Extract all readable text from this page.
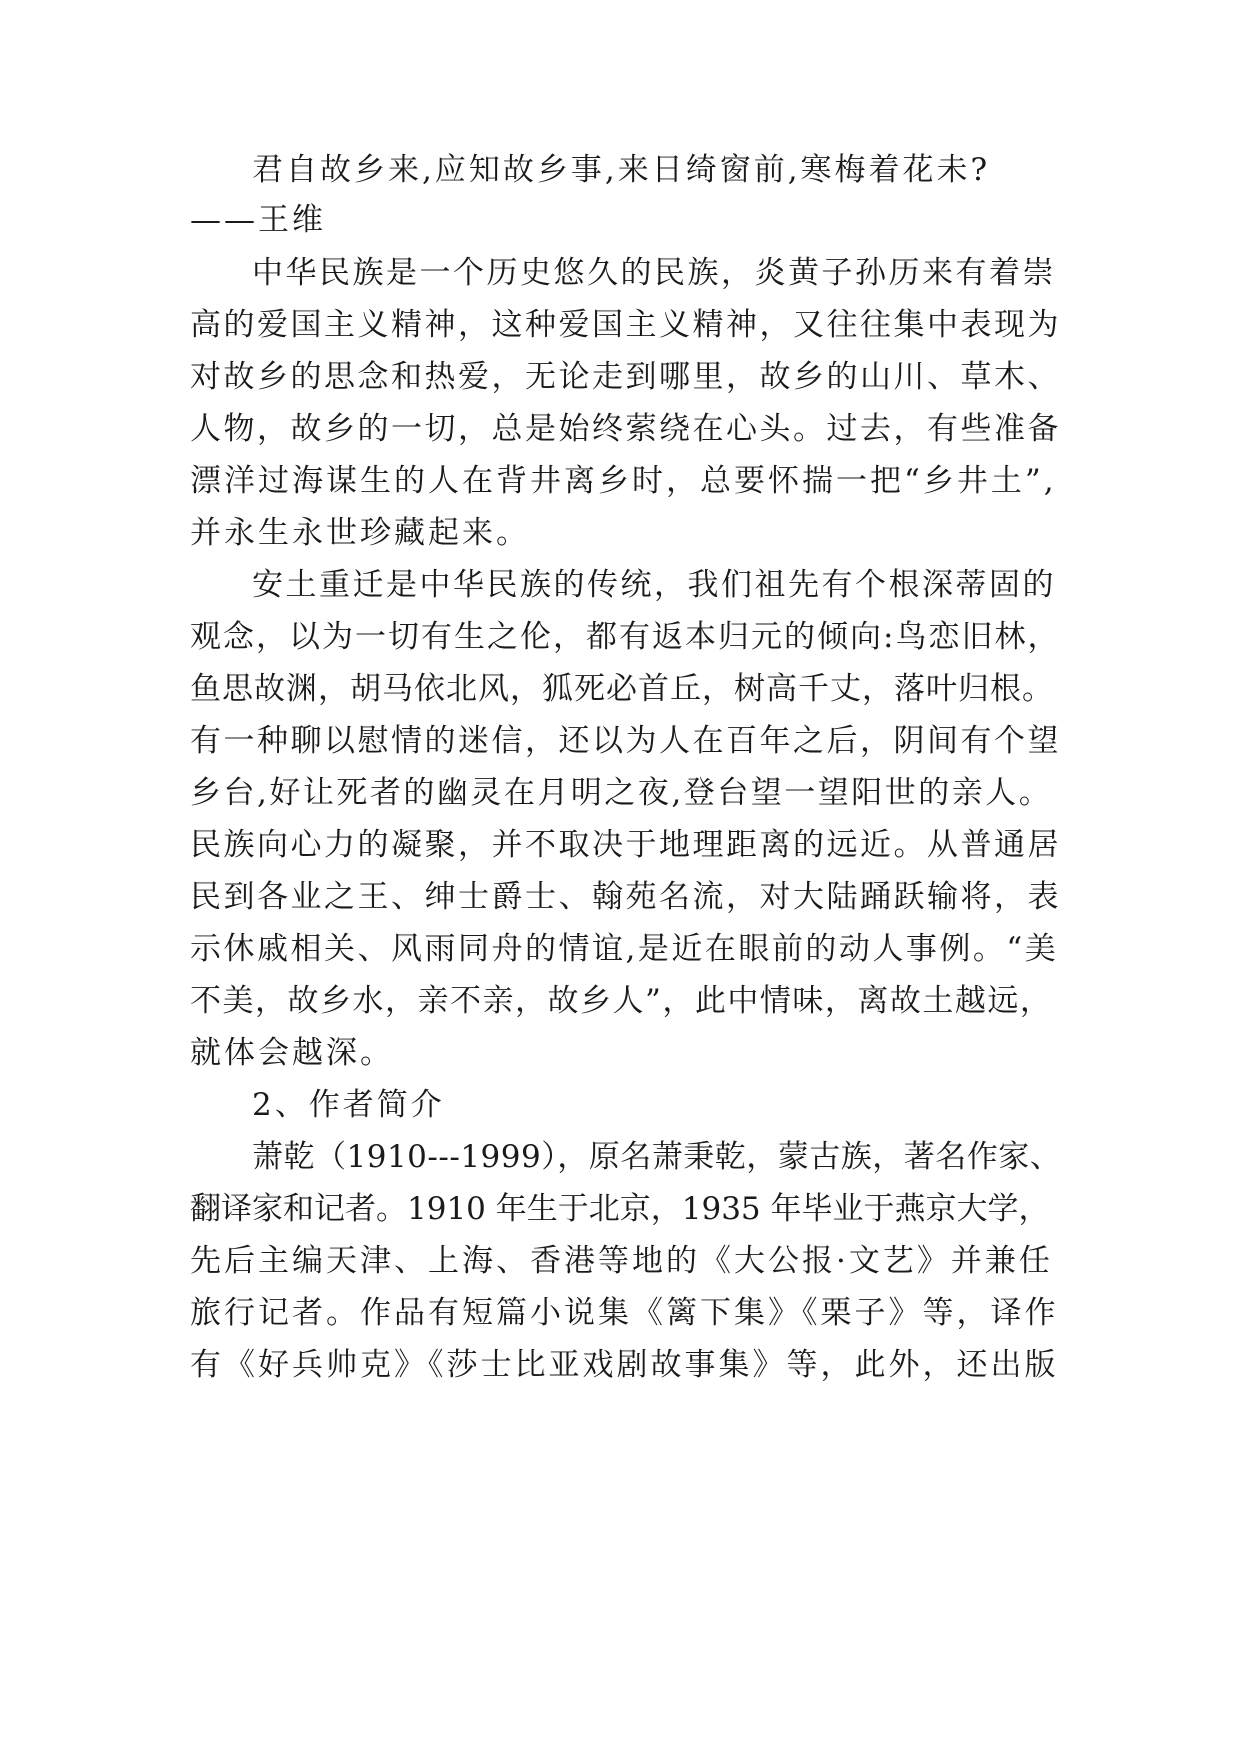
君自故乡来,应知故乡事,来日绮窗前,寒梅着花未?

——王维

中华民族是一个历史悠久的民族，炎黄子孙历来有着崇

高的爱国主义精神，这种爱国主义精神，又往往集中表现为

对故乡的思念和热爱，无论走到哪里，故乡的山川、草木、

人物，故乡的一切，总是始终萦绕在心头。过去，有些准备

漂洋过海谋生的人在背井离乡时，总要怀揣一把“乡井土”,

并永生永世珍藏起来。

安土重迁是中华民族的传统，我们祖先有个根深蒂固的

观念，以为一切有生之伦，都有返本归元的倾向:鸟恋旧林，

鱼思故渊，胡马依北风，狐死必首丘，树高千丈，落叶归根。

有一种聊以慰情的迷信，还以为人在百年之后，阴间有个望

乡台,好让死者的幽灵在月明之夜,登台望一望阳世的亲人。

民族向心力的凝聚，并不取决于地理距离的远近。从普通居

民到各业之王、绅士爵士、翰苑名流，对大陆踊跃输将，表

示休戚相关、风雨同舟的情谊,是近在眼前的动人事例。“美

不美，故乡水，亲不亲，故乡人”，此中情味，离故土越远，

就体会越深。

2、作者简介

萧乾（1910---1999），原名萧秉乾，蒙古族，著名作家、

翻译家和记者。1910 年生于北京，1935 年毕业于燕京大学，

先后主编天津、上海、香港等地的《大公报·文艺》并兼任

旅行记者。作品有短篇小说集《篱下集》《栗子》等，译作

有《好兵帅克》《莎士比亚戏剧故事集》等，此外，还出版
